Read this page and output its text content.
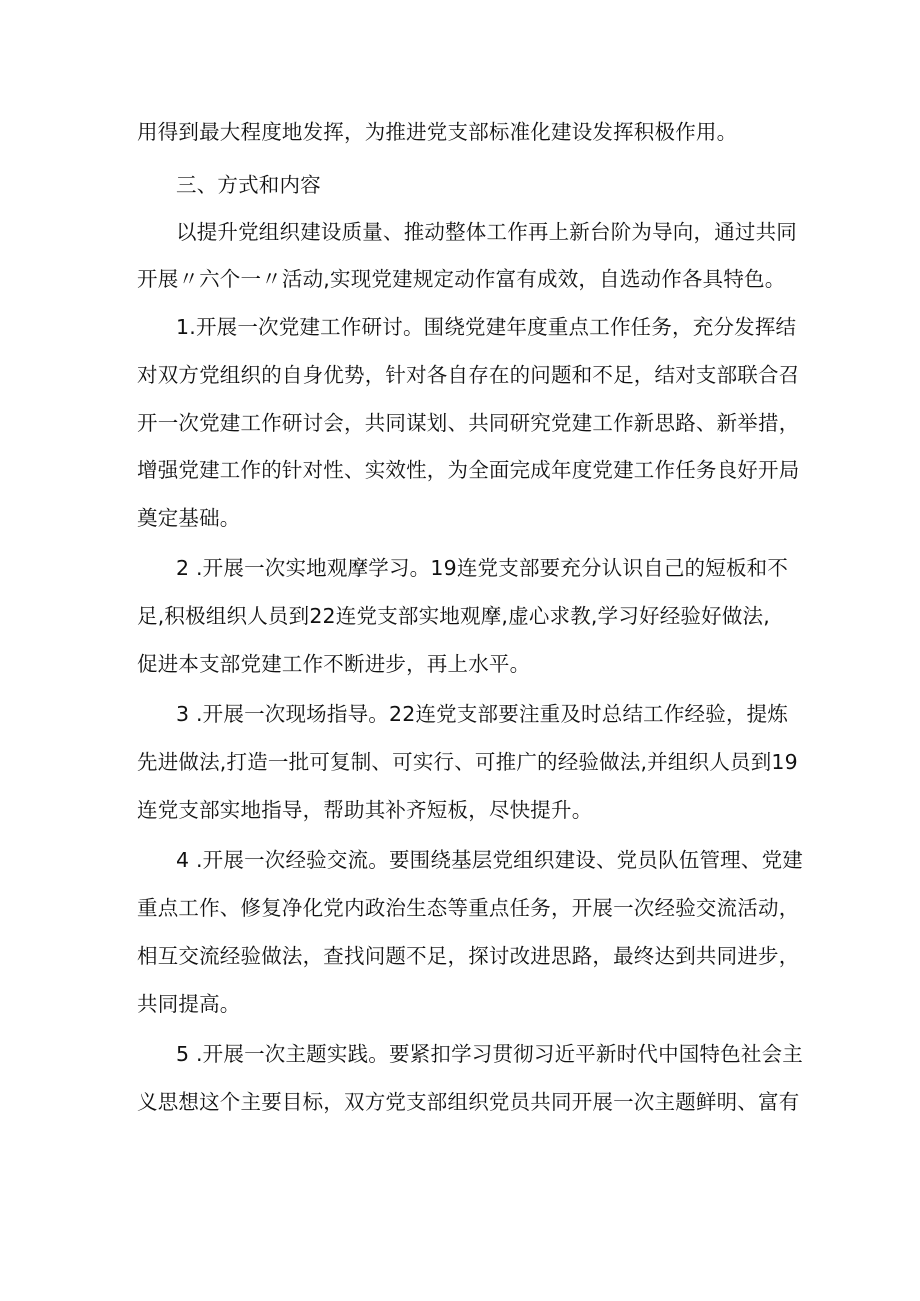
用得到最大程度地发挥，为推进党支部标准化建设发挥积极作用。
三、方式和内容
以提升党组织建设质量、推动整体工作再上新台阶为导向，通过共同
开展〃六个一〃活动,实现党建规定动作富有成效，自选动作各具特色。
1.开展一次党建工作研讨。围绕党建年度重点工作任务，充分发挥结
对双方党组织的自身优势，针对各自存在的问题和不足，结对支部联合召
开一次党建工作研讨会，共同谋划、共同研究党建工作新思路、新举措，
增强党建工作的针对性、实效性，为全面完成年度党建工作任务良好开局
奠定基础。
2 .开展一次实地观摩学习。19连党支部要充分认识自己的短板和不
足,积极组织人员到22连党支部实地观摩,虚心求教,学习好经验好做法,
促进本支部党建工作不断进步，再上水平。
3 .开展一次现场指导。22连党支部要注重及时总结工作经验，提炼
先进做法,打造一批可复制、可实行、可推广的经验做法,并组织人员到19
连党支部实地指导，帮助其补齐短板，尽快提升。
4 .开展一次经验交流。要围绕基层党组织建设、党员队伍管理、党建
重点工作、修复净化党内政治生态等重点任务，开展一次经验交流活动，
相互交流经验做法，查找问题不足，探讨改进思路，最终达到共同进步，
共同提高。
5 .开展一次主题实践。要紧扣学习贯彻习近平新时代中国特色社会主
义思想这个主要目标，双方党支部组织党员共同开展一次主题鲜明、富有
